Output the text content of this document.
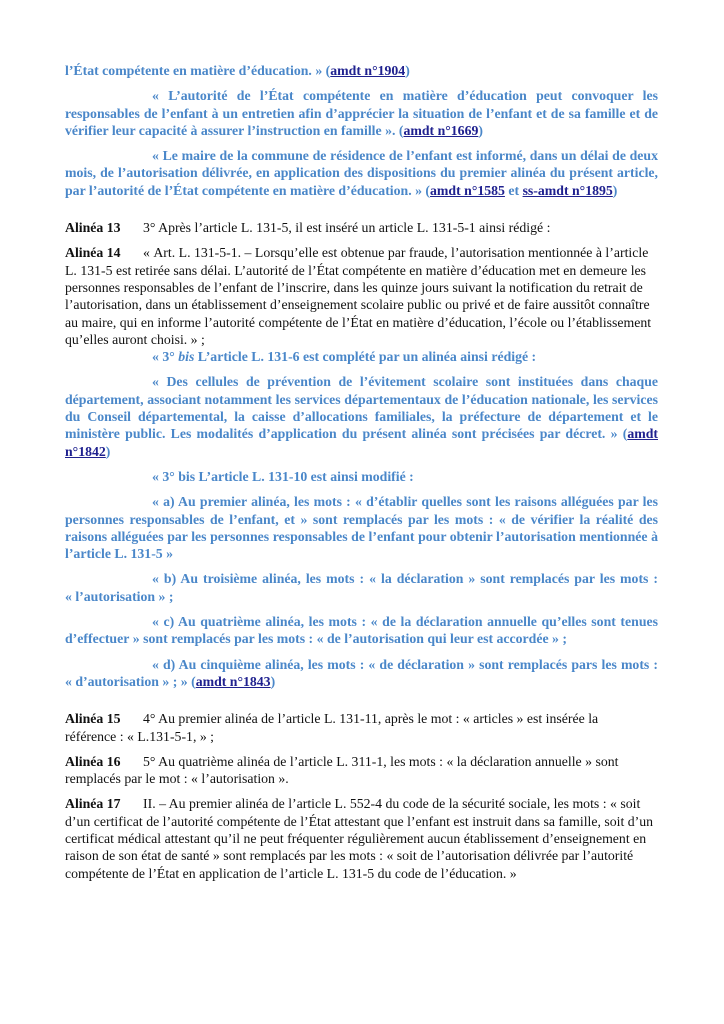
l’État compétente en matière d’éducation. » (amdt n°1904)

« L’autorité de l’État compétente en matière d’éducation peut convoquer les responsables de l’enfant à un entretien afin d’apprécier la situation de l’enfant et de sa famille et de vérifier leur capacité à assurer l’instruction en famille ». (amdt n°1669)

« Le maire de la commune de résidence de l’enfant est informé, dans un délai de deux mois, de l’autorisation délivrée, en application des dispositions du premier alinéa du présent article, par l’autorité de l’État compétente en matière d’éducation. » (amdt n°1585 et ss-amdt n°1895)

Alinéa 13 3° Après l’article L. 131-5, il est inséré un article L. 131-5-1 ainsi rédigé :

Alinéa 14 « Art. L. 131-5-1. – Lorsqu’elle est obtenue par fraude, l’autorisation mentionnée à l’article L. 131-5 est retirée sans délai. L’autorité de l’État compétente en matière d’éducation met en demeure les personnes responsables de l’enfant de l’inscrire, dans les quinze jours suivant la notification du retrait de l’autorisation, dans un établissement d’enseignement scolaire public ou privé et de faire aussitôt connaître au maire, qui en informe l’autorité compétente de l’État en matière d’éducation, l’école ou l’établissement qu’elles auront choisi. » ;

« 3° bis L’article L. 131-6 est complété par un alinéa ainsi rédigé :

« Des cellules de prévention de l’évitement scolaire sont instituées dans chaque département, associant notamment les services départementaux de l’éducation nationale, les services du Conseil départemental, la caisse d’allocations familiales, la préfecture de département et le ministère public. Les modalités d’application du présent alinéa sont précisées par décret. » (amdt n°1842)

« 3° bis L’article L. 131-10 est ainsi modifié :

« a) Au premier alinéa, les mots : « d’établir quelles sont les raisons alléguées par les personnes responsables de l’enfant, et » sont remplacés par les mots : « de vérifier la réalité des raisons alléguées par les personnes responsables de l’enfant pour obtenir l’autorisation mentionnée à l’article L. 131-5 »

« b) Au troisième alinéa, les mots : « la déclaration » sont remplacés par les mots : « l’autorisation » ;

« c) Au quatrième alinéa, les mots : « de la déclaration annuelle qu’elles sont tenues d’effectuer » sont remplacés par les mots : « de l’autorisation qui leur est accordée » ;

« d) Au cinquième alinéa, les mots : « de déclaration » sont remplacés pars les mots : « d’autorisation » ; » (amdt n°1843)

Alinéa 15 4° Au premier alinéa de l’article L. 131-11, après le mot : « articles » est insérée la référence : « L.131-5-1, » ;

Alinéa 16 5° Au quatrième alinéa de l’article L. 311-1, les mots : « la déclaration annuelle » sont remplacés par le mot : « l’autorisation ».

Alinéa 17 II. – Au premier alinéa de l’article L. 552-4 du code de la sécurité sociale, les mots : « soit d’un certificat de l’autorité compétente de l’État attestant que l’enfant est instruit dans sa famille, soit d’un certificat médical attestant qu’il ne peut fréquenter régulièrement aucun établissement d’enseignement en raison de son état de santé » sont remplacés par les mots : « soit de l’autorisation délivrée par l’autorité compétente de l’État en application de l’article L. 131-5 du code de l’éducation. »
